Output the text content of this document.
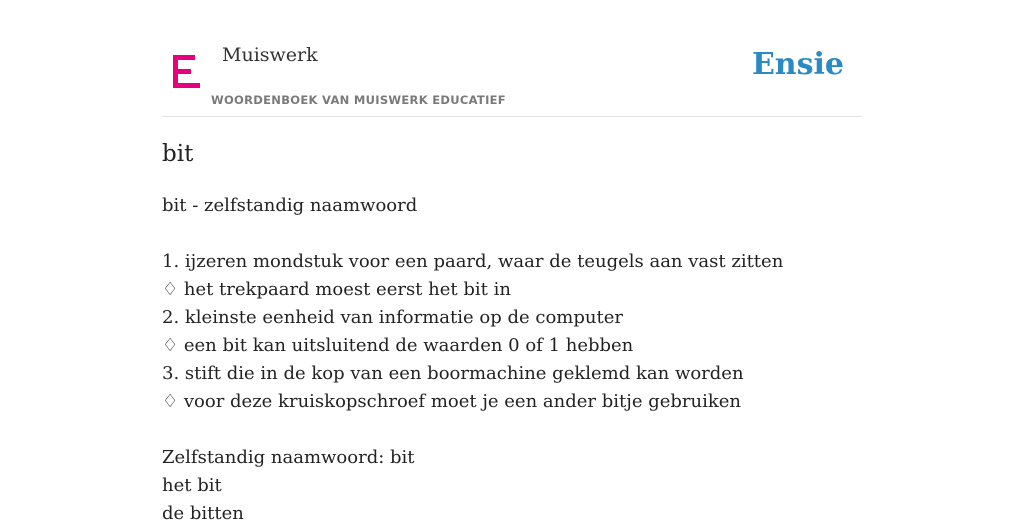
Muiswerk
WOORDENBOEK VAN MUISWERK EDUCATIEF
Ensie
bit
bit - zelfstandig naamwoord
1. ijzeren mondstuk voor een paard, waar de teugels aan vast zitten
♢ het trekpaard moest eerst het bit in
2. kleinste eenheid van informatie op de computer
♢ een bit kan uitsluitend de waarden 0 of 1 hebben
3. stift die in de kop van een boormachine geklemd kan worden
♢ voor deze kruiskopschroef moet je een ander bitje gebruiken
Zelfstandig naamwoord: bit
het bit
de bitten
